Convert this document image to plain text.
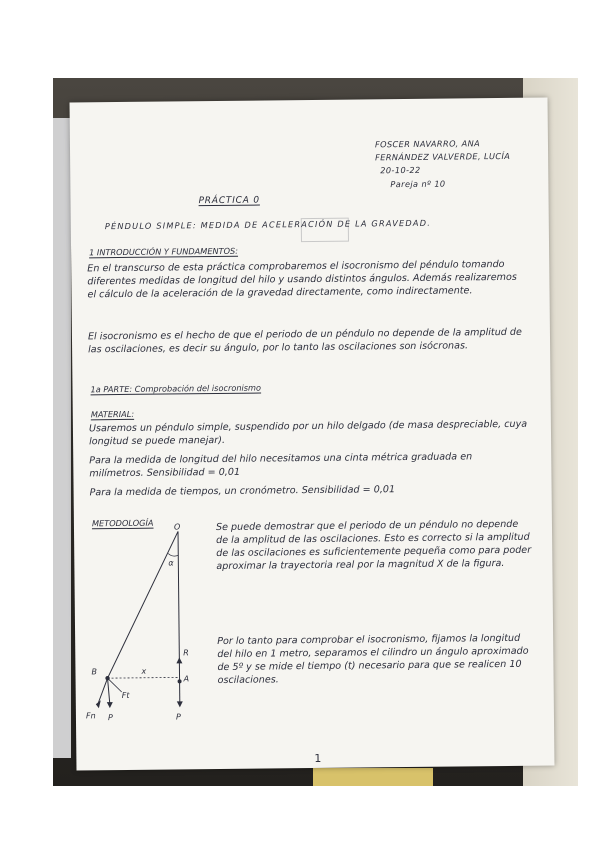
FOSCER NAVARRO, ANA

FERNÁNDEZ VALVERDE, LUCÍA

20-10-22

Pareja nº 10

PRÁCTICA 0

PÉNDULO SIMPLE: MEDIDA DE ACELERACIÓN DE LA GRAVEDAD.

1 INTRODUCCIÓN Y FUNDAMENTOS:

En el transcurso de esta práctica comprobaremos el isocronismo del péndulo tomando diferentes medidas de longitud del hilo y usando distintos ángulos. Además realizaremos el cálculo de la aceleración de la gravedad directamente, como indirectamente.

El isocronismo es el hecho de que el periodo de un péndulo no depende de la amplitud de las oscilaciones, es decir su ángulo, por lo tanto las oscilaciones son isócronas.

1a PARTE: Comprobación del isocronismo

MATERIAL:

Usaremos un péndulo simple, suspendido por un hilo delgado (de masa despreciable, cuya longitud se puede manejar).

Para la medida de longitud del hilo necesitamos una cinta métrica graduada en milímetros. Sensibilidad = 0,01

Para la medida de tiempos, un cronómetro. Sensibilidad = 0,01

METODOLOGÍA	Se puede demostrar que el periodo de un péndulo no depende de la amplitud de las oscilaciones. Esto es correcto si la amplitud de las oscilaciones es suficientemente pequeña como para poder aproximar la trayectoria real por la magnitud X de la figura.

Por lo tanto para comprobar el isocronismo, fijamos la longitud del hilo en 1 metro, separamos el cilindro un ángulo aproximado de 5º y se mide el tiempo (t) necesario para que se realicen 10 oscilaciones.

O
α
R
A
B	x
P
P
Fn
Ft
1
